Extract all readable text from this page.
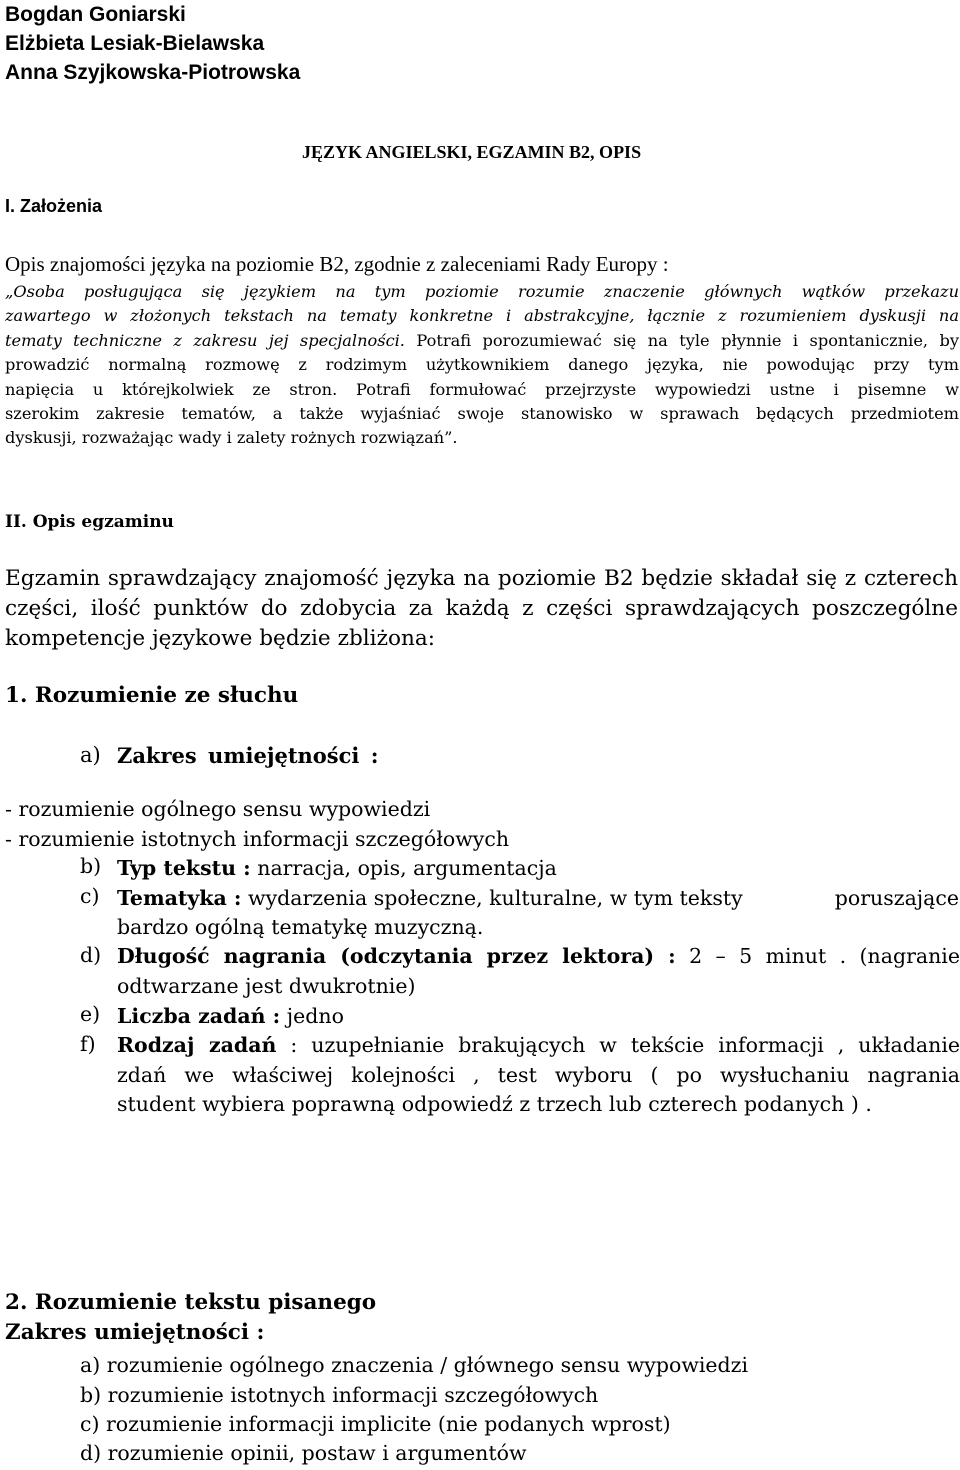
Bogdan Goniarski
Elżbieta Lesiak-Bielawska
Anna Szyjkowska-Piotrowska
JĘZYK ANGIELSKI, EGZAMIN B2, OPIS
I. Założenia
Opis znajomości języka na poziomie B2, zgodnie z zaleceniami Rady Europy :
„Osoba posługująca się językiem na tym poziomie rozumie znaczenie głównych wątków przekazu
zawartego w złożonych tekstach na tematy konkretne i abstrakcyjne, łącznie z rozumieniem dyskusji na
tematy techniczne z zakresu jej specjalności. Potrafi porozumiewać się na tyle płynnie i spontanicznie, by
prowadzić normalną rozmowę z rodzimym użytkownikiem danego języka, nie powodując przy tym
napięcia u którejkolwiek ze stron. Potrafi formułować przejrzyste wypowiedzi ustne i pisemne w
szerokim zakresie tematów, a także wyjaśniać swoje stanowisko w sprawach będących przedmiotem
dyskusji, rozważając wady i zalety rożnych rozwiązań”.
II. Opis egzaminu
Egzamin sprawdzający znajomość języka na poziomie B2 będzie składał się z czterech
części, ilość punktów do zdobycia za każdą z części sprawdzających poszczególne
kompetencje językowe będzie zbliżona:
1. Rozumienie ze słuchu
a) Zakres umiejętności :
- rozumienie ogólnego sensu wypowiedzi
- rozumienie istotnych informacji szczegółowych
b) Typ tekstu : narracja, opis, argumentacja
c) Tematyka : wydarzenia społeczne, kulturalne, w tym teksty	poruszające
bardzo ogólną tematykę muzyczną.
d) Długość nagrania (odczytania przez lektora) : 2 – 5 minut . (nagranie
odtwarzane jest dwukrotnie)
e) Liczba zadań : jedno
f) Rodzaj zadań : uzupełnianie brakujących w tekście informacji , układanie
zdań we właściwej kolejności , test wyboru ( po wysłuchaniu nagrania
student wybiera poprawną odpowiedź z trzech lub czterech podanych ) .
2. Rozumienie tekstu pisanego
Zakres umiejętności :
a) rozumienie ogólnego znaczenia / głównego sensu wypowiedzi
b) rozumienie istotnych informacji szczegółowych
c) rozumienie informacji implicite (nie podanych wprost)
d) rozumienie opinii, postaw i argumentów
